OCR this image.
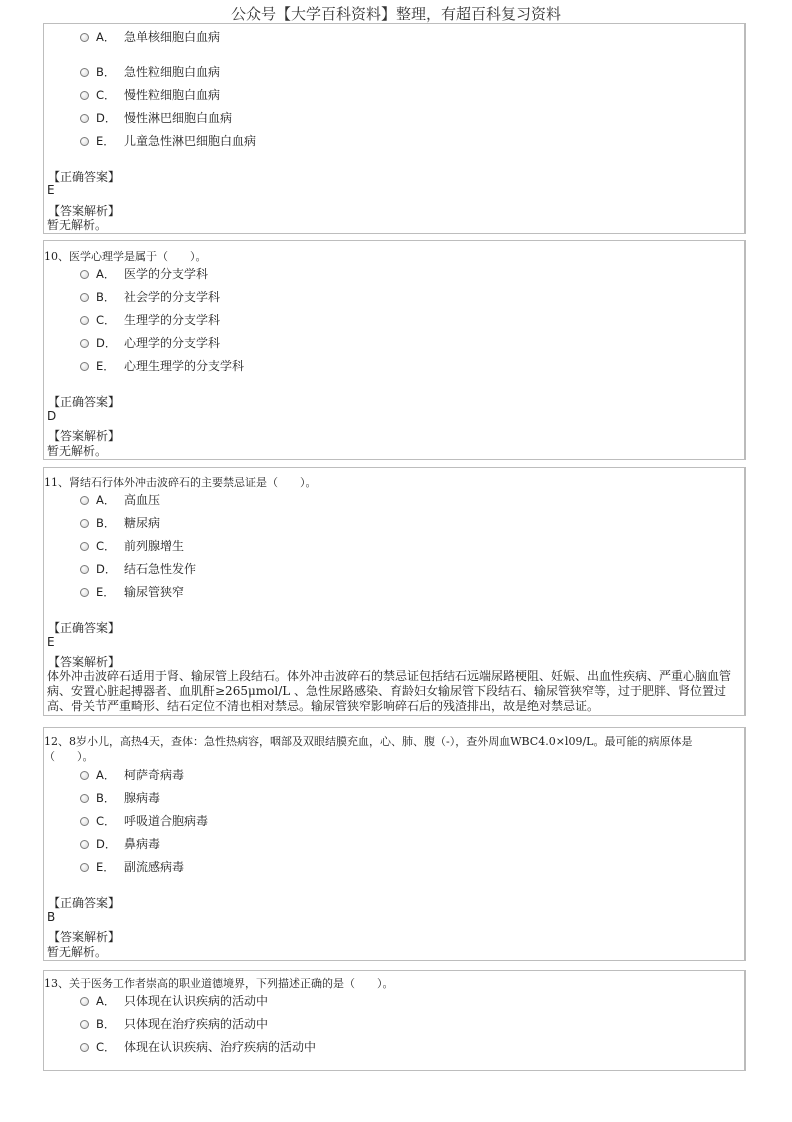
公众号【大学百科资料】整理，有超百科复习资料
A． 急单核细胞白血病
B． 急性粒细胞白血病
C． 慢性粒细胞白血病
D． 慢性淋巴细胞白血病
E． 儿童急性淋巴细胞白血病
【正确答案】
E
【答案解析】
暂无解析。
10、医学心理学是属于（　　）。
A． 医学的分支学科
B． 社会学的分支学科
C． 生理学的分支学科
D． 心理学的分支学科
E． 心理生理学的分支学科
【正确答案】
D
【答案解析】
暂无解析。
11、肾结石行体外冲击波碎石的主要禁忌证是（　　）。
A． 高血压
B． 糖尿病
C． 前列腺增生
D． 结石急性发作
E． 输尿管狭窄
【正确答案】
E
【答案解析】
体外冲击波碎石适用于肾、输尿管上段结石。体外冲击波碎石的禁忌证包括结石远端尿路梗阻、妊娠、出血性疾病、严重心脑血管病、安置心脏起搏器者、血肌酐≥265μmol/L 、急性尿路感染、育龄妇女输尿管下段结石、输尿管狭窄等，过于肥胖、肾位置过高、骨关节严重畸形、结石定位不清也相对禁忌。输尿管狭窄影响碎石后的残渣排出，故是绝对禁忌证。
12、8岁小儿，高热4天，查体：急性热病容，咽部及双眼结膜充血，心、肺、腹（-），查外周血WBC4.0×l09/L。最可能的病原体是（　　）。
A． 柯萨奇病毒
B． 腺病毒
C． 呼吸道合胞病毒
D． 鼻病毒
E． 副流感病毒
【正确答案】
B
【答案解析】
暂无解析。
13、关于医务工作者崇高的职业道德境界，下列描述正确的是（　　）。
A． 只体现在认识疾病的活动中
B． 只体现在治疗疾病的活动中
C． 体现在认识疾病、治疗疾病的活动中
